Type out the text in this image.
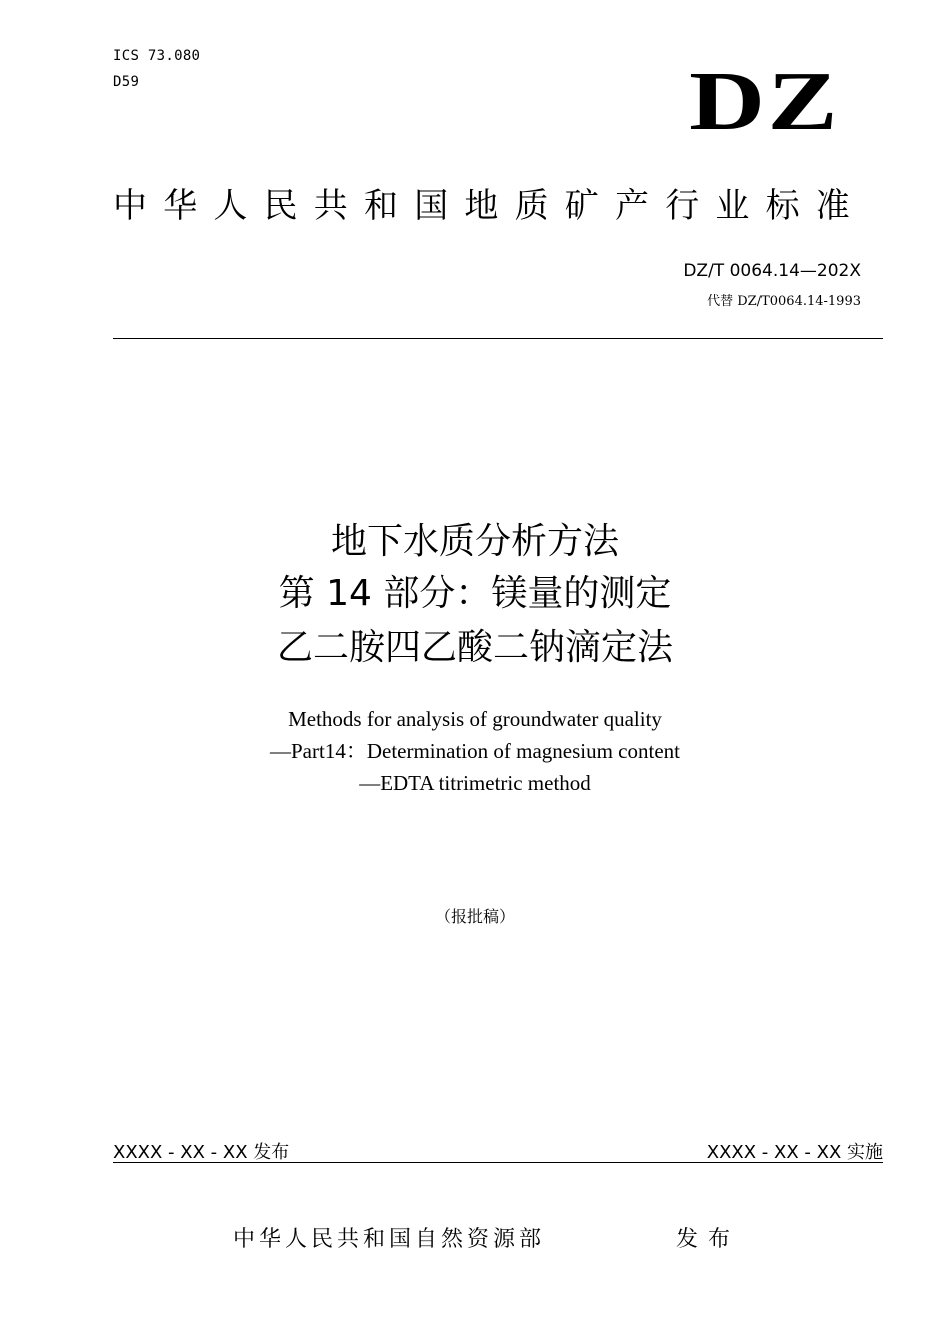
ICS 73.080
D59	DZ
中华人民共和国地质矿产行业标准
DZ/T 0064.14—202X
代替 DZ/T0064.14-1993
地下水质分析方法
第 14 部分：镁量的测定
乙二胺四乙酸二钠滴定法
Methods for analysis of groundwater quality
—Part14：Determination of magnesium content
—EDTA titrimetric method
（报批稿）
XXXX - XX - XX 发布	XXXX - XX - XX 实施
中华人民共和国自然资源部	发布
